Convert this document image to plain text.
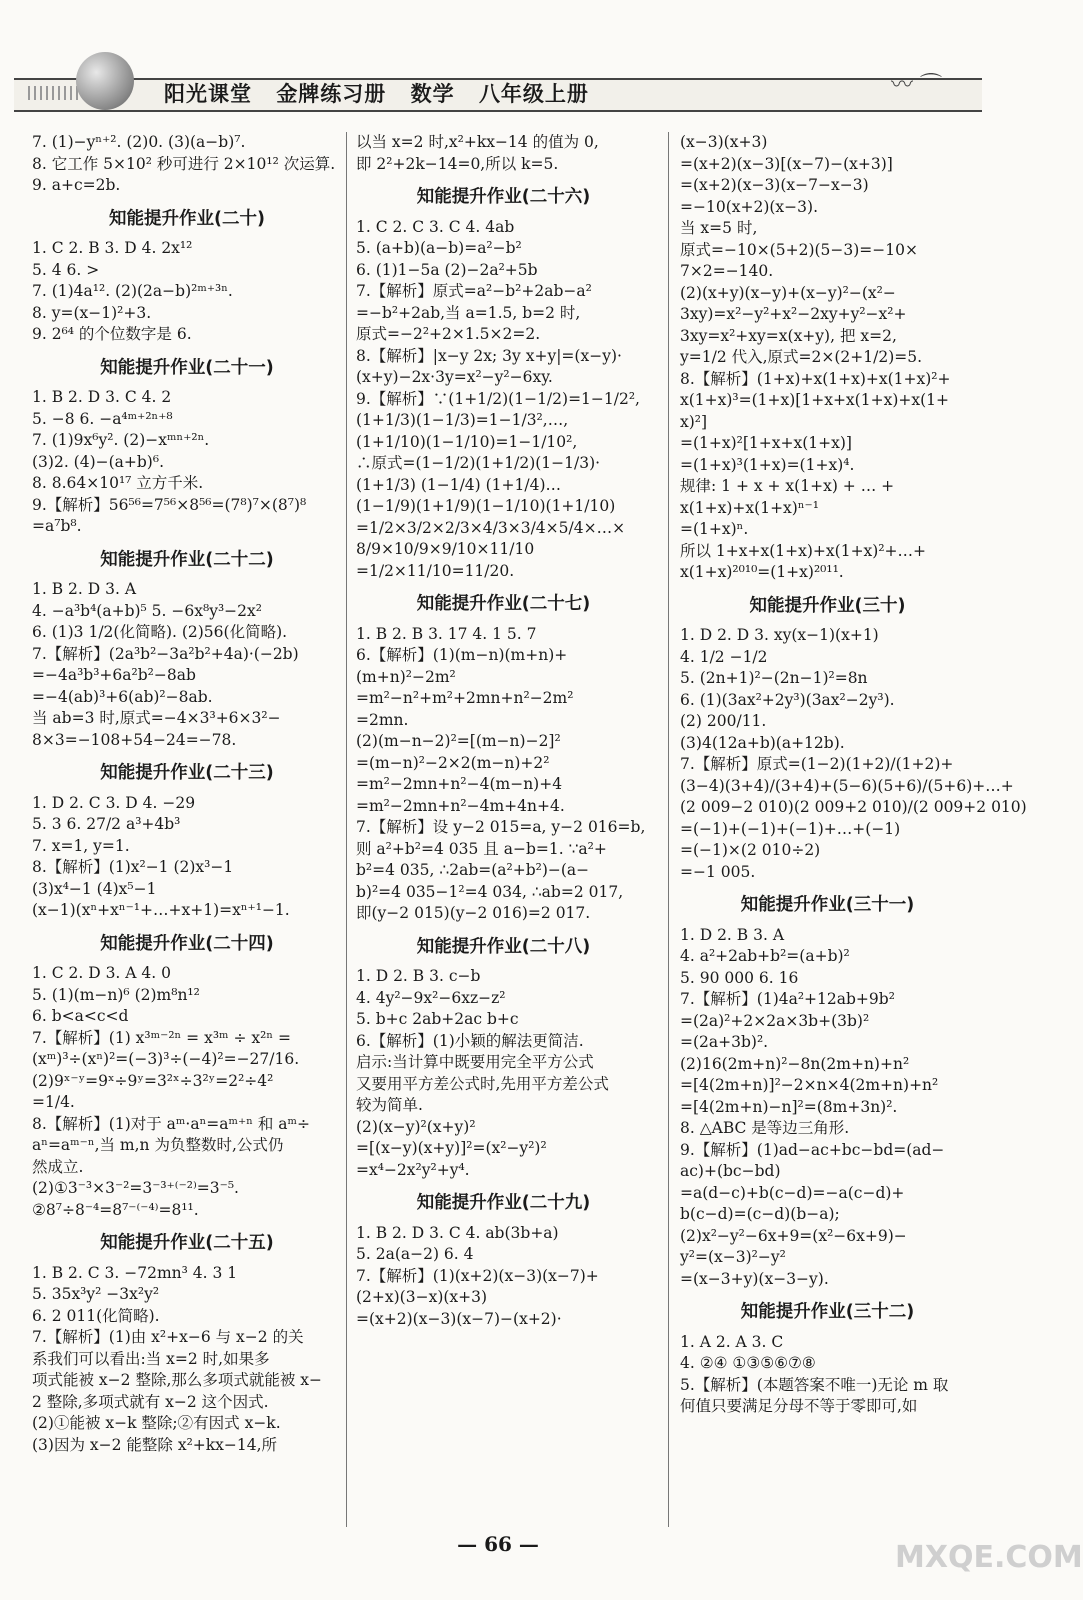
阳光课堂 金牌练习册 数学 八年级上册	〰 ⌒
7. (1)−yⁿ⁺². (2)0. (3)(a−b)⁷.
8. 它工作 5×10² 秒可进行 2×10¹² 次运算.
9. a+c=2b.
知能提升作业(二十)
1. C 2. B 3. D 4. 2x¹²
5. 4 6. >
7. (1)4a¹². (2)(2a−b)²ᵐ⁺³ⁿ.
8. y=(x−1)²+3.
9. 2⁶⁴ 的个位数字是 6.
知能提升作业(二十一)
1. B 2. D 3. C 4. 2
5. −8 6. −a⁴ᵐ⁺²ⁿ⁺⁸
7. (1)9x⁶y². (2)−xᵐⁿ⁺²ⁿ.
(3)2. (4)−(a+b)⁶.
8. 8.64×10¹⁷ 立方千米.
9.【解析】56⁵⁶=7⁵⁶×8⁵⁶=(7⁸)⁷×(8⁷)⁸
=a⁷b⁸.
知能提升作业(二十二)
1. B 2. D 3. A
4. −a³b⁴(a+b)⁵ 5. −6x⁸y³−2x²
6. (1)3 1/2(化简略). (2)56(化简略).
7.【解析】(2a³b²−3a²b²+4a)·(−2b)
=−4a³b³+6a²b²−8ab
=−4(ab)³+6(ab)²−8ab.
当 ab=3 时,原式=−4×3³+6×3²−
8×3=−108+54−24=−78.
知能提升作业(二十三)
1. D 2. C 3. D 4. −29
5. 3 6. 27/2 a³+4b³
7. x=1, y=1.
8.【解析】(1)x²−1 (2)x³−1
(3)x⁴−1 (4)x⁵−1
(x−1)(xⁿ+xⁿ⁻¹+…+x+1)=xⁿ⁺¹−1.
知能提升作业(二十四)
1. C 2. D 3. A 4. 0
5. (1)(m−n)⁶ (2)m⁸n¹²
6. b<a<c<d
7.【解析】(1) x³ᵐ⁻²ⁿ = x³ᵐ ÷ x²ⁿ =
(xᵐ)³÷(xⁿ)²=(−3)³÷(−4)²=−27/16.
(2)9ˣ⁻ʸ=9ˣ÷9ʸ=3²ˣ÷3²ʸ=2²÷4²
=1/4.
8.【解析】(1)对于 aᵐ·aⁿ=aᵐ⁺ⁿ 和 aᵐ÷
aⁿ=aᵐ⁻ⁿ,当 m,n 为负整数时,公式仍
然成立.
(2)①3⁻³×3⁻²=3⁻³⁺⁽⁻²⁾=3⁻⁵.
②8⁷÷8⁻⁴=8⁷⁻⁽⁻⁴⁾=8¹¹.
知能提升作业(二十五)
1. B 2. C 3. −72mn³ 4. 3 1
5. 35x³y² −3x²y²
6. 2 011(化简略).
7.【解析】(1)由 x²+x−6 与 x−2 的关
系我们可以看出:当 x=2 时,如果多
项式能被 x−2 整除,那么多项式就能被 x−
2 整除,多项式就有 x−2 这个因式.
(2)①能被 x−k 整除;②有因式 x−k.
(3)因为 x−2 能整除 x²+kx−14,所
以当 x=2 时,x²+kx−14 的值为 0,
即 2²+2k−14=0,所以 k=5.
知能提升作业(二十六)
1. C 2. C 3. C 4. 4ab
5. (a+b)(a−b)=a²−b²
6. (1)1−5a (2)−2a²+5b
7.【解析】原式=a²−b²+2ab−a²
=−b²+2ab,当 a=1.5, b=2 时,
原式=−2²+2×1.5×2=2.
8.【解析】|x−y 2x; 3y x+y|=(x−y)·
(x+y)−2x·3y=x²−y²−6xy.
9.【解析】∵(1+1/2)(1−1/2)=1−1/2²,
(1+1/3)(1−1/3)=1−1/3²,…,
(1+1/10)(1−1/10)=1−1/10²,
∴原式=(1−1/2)(1+1/2)(1−1/3)·
(1+1/3) (1−1/4) (1+1/4)…
(1−1/9)(1+1/9)(1−1/10)(1+1/10)
=1/2×3/2×2/3×4/3×3/4×5/4×…×
8/9×10/9×9/10×11/10
=1/2×11/10=11/20.
知能提升作业(二十七)
1. B 2. B 3. 17 4. 1 5. 7
6.【解析】(1)(m−n)(m+n)+
(m+n)²−2m²
=m²−n²+m²+2mn+n²−2m²
=2mn.
(2)(m−n−2)²=[(m−n)−2]²
=(m−n)²−2×2(m−n)+2²
=m²−2mn+n²−4(m−n)+4
=m²−2mn+n²−4m+4n+4.
7.【解析】设 y−2 015=a, y−2 016=b,
则 a²+b²=4 035 且 a−b=1. ∵a²+
b²=4 035, ∴2ab=(a²+b²)−(a−
b)²=4 035−1²=4 034, ∴ab=2 017,
即(y−2 015)(y−2 016)=2 017.
知能提升作业(二十八)
1. D 2. B 3. c−b
4. 4y²−9x²−6xz−z²
5. b+c 2ab+2ac b+c
6.【解析】(1)小颖的解法更简洁.
启示:当计算中既要用完全平方公式
又要用平方差公式时,先用平方差公式
较为简单.
(2)(x−y)²(x+y)²
=[(x−y)(x+y)]²=(x²−y²)²
=x⁴−2x²y²+y⁴.
知能提升作业(二十九)
1. B 2. D 3. C 4. ab(3b+a)
5. 2a(a−2) 6. 4
7.【解析】(1)(x+2)(x−3)(x−7)+
(2+x)(3−x)(x+3)
=(x+2)(x−3)(x−7)−(x+2)·
(x−3)(x+3)
=(x+2)(x−3)[(x−7)−(x+3)]
=(x+2)(x−3)(x−7−x−3)
=−10(x+2)(x−3).
当 x=5 时,
原式=−10×(5+2)(5−3)=−10×
7×2=−140.
(2)(x+y)(x−y)+(x−y)²−(x²−
3xy)=x²−y²+x²−2xy+y²−x²+
3xy=x²+xy=x(x+y), 把 x=2,
y=1/2 代入,原式=2×(2+1/2)=5.
8.【解析】(1+x)+x(1+x)+x(1+x)²+
x(1+x)³=(1+x)[1+x+x(1+x)+x(1+
x)²]
=(1+x)²[1+x+x(1+x)]
=(1+x)³(1+x)=(1+x)⁴.
规律: 1 + x + x(1+x) + … +
x(1+x)+x(1+x)ⁿ⁻¹
=(1+x)ⁿ.
所以 1+x+x(1+x)+x(1+x)²+…+
x(1+x)²⁰¹⁰=(1+x)²⁰¹¹.
知能提升作业(三十)
1. D 2. D 3. xy(x−1)(x+1)
4. 1/2 −1/2
5. (2n+1)²−(2n−1)²=8n
6. (1)(3ax²+2y³)(3ax²−2y³).
(2) 200/11.
(3)4(12a+b)(a+12b).
7.【解析】原式=(1−2)(1+2)/(1+2)+
(3−4)(3+4)/(3+4)+(5−6)(5+6)/(5+6)+…+
(2 009−2 010)(2 009+2 010)/(2 009+2 010)
=(−1)+(−1)+(−1)+…+(−1)
=(−1)×(2 010÷2)
=−1 005.
知能提升作业(三十一)
1. D 2. B 3. A
4. a²+2ab+b²=(a+b)²
5. 90 000 6. 16
7.【解析】(1)4a²+12ab+9b²
=(2a)²+2×2a×3b+(3b)²
=(2a+3b)².
(2)16(2m+n)²−8n(2m+n)+n²
=[4(2m+n)]²−2×n×4(2m+n)+n²
=[4(2m+n)−n]²=(8m+3n)².
8. △ABC 是等边三角形.
9.【解析】(1)ad−ac+bc−bd=(ad−
ac)+(bc−bd)
=a(d−c)+b(c−d)=−a(c−d)+
b(c−d)=(c−d)(b−a);
(2)x²−y²−6x+9=(x²−6x+9)−
y²=(x−3)²−y²
=(x−3+y)(x−3−y).
知能提升作业(三十二)
1. A 2. A 3. C
4. ②④ ①③⑤⑥⑦⑧
5.【解析】(本题答案不唯一)无论 m 取
何值只要满足分母不等于零即可,如
— 66 —	MXQE.COM
